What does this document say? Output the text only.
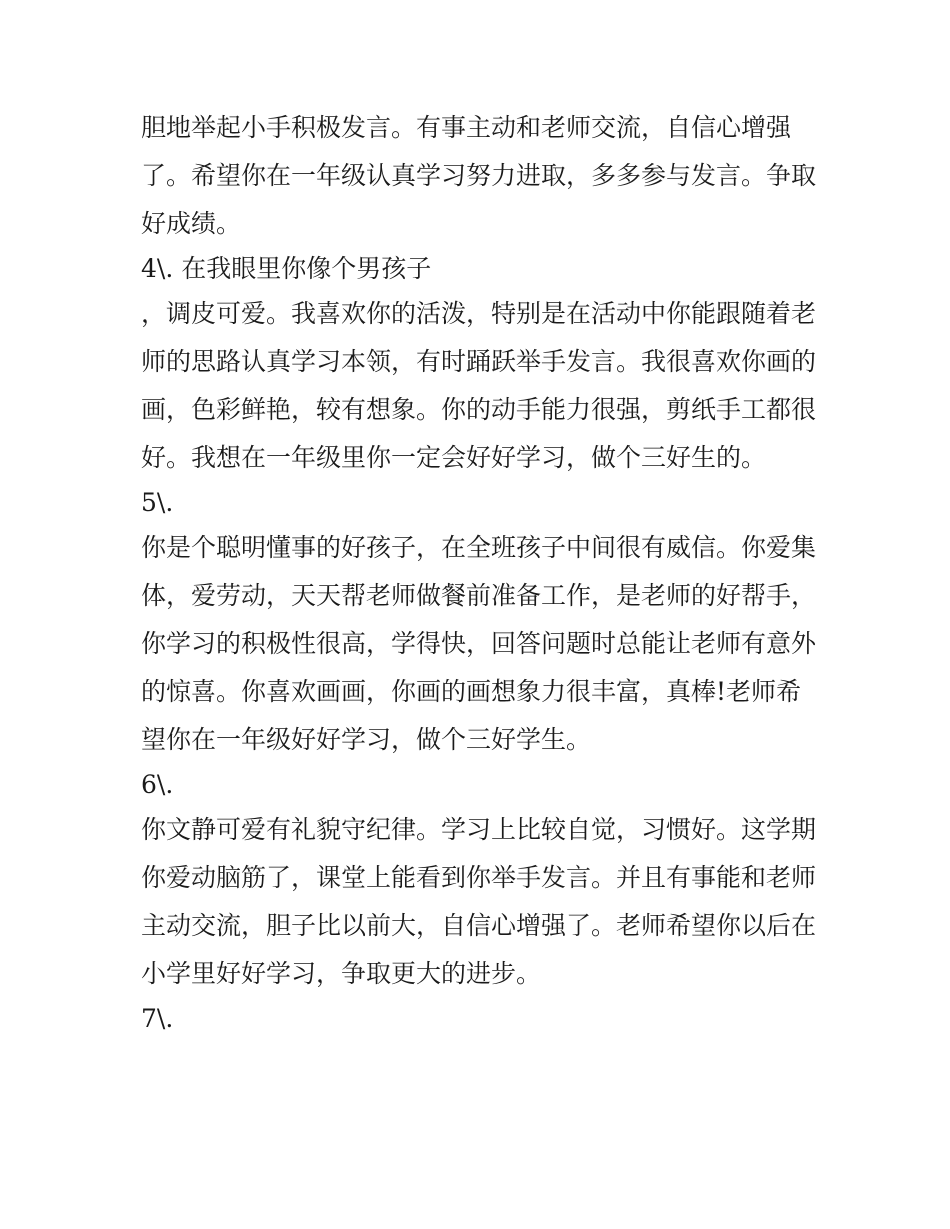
胆地举起小手积极发言。有事主动和老师交流，自信心增强
了。希望你在一年级认真学习努力进取，多多参与发言。争取
好成绩。
4\. 在我眼里你像个男孩子
，调皮可爱。我喜欢你的活泼，特别是在活动中你能跟随着老
师的思路认真学习本领，有时踊跃举手发言。我很喜欢你画的
画，色彩鲜艳，较有想象。你的动手能力很强，剪纸手工都很
好。我想在一年级里你一定会好好学习，做个三好生的。
5\.
你是个聪明懂事的好孩子，在全班孩子中间很有威信。你爱集
体，爱劳动，天天帮老师做餐前准备工作，是老师的好帮手，
你学习的积极性很高，学得快，回答问题时总能让老师有意外
的惊喜。你喜欢画画，你画的画想象力很丰富，真棒!老师希
望你在一年级好好学习，做个三好学生。
6\.
你文静可爱有礼貌守纪律。学习上比较自觉，习惯好。这学期
你爱动脑筋了，课堂上能看到你举手发言。并且有事能和老师
主动交流，胆子比以前大，自信心增强了。老师希望你以后在
小学里好好学习，争取更大的进步。
7\.
